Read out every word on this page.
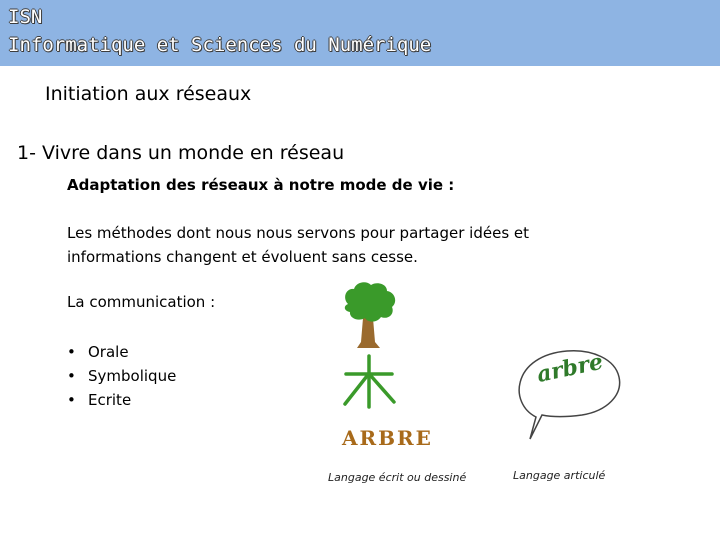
ISN
Informatique et Sciences du Numérique
Initiation aux réseaux
1- Vivre dans un monde en réseau
Adaptation des réseaux à notre mode de vie :
Les méthodes dont nous nous servons pour partager idées et informations changent et évoluent sans cesse.
La communication :
• Orale
• Symbolique
• Ecrite
ARBRE
arbre
Langage écrit ou dessiné	Langage articulé
